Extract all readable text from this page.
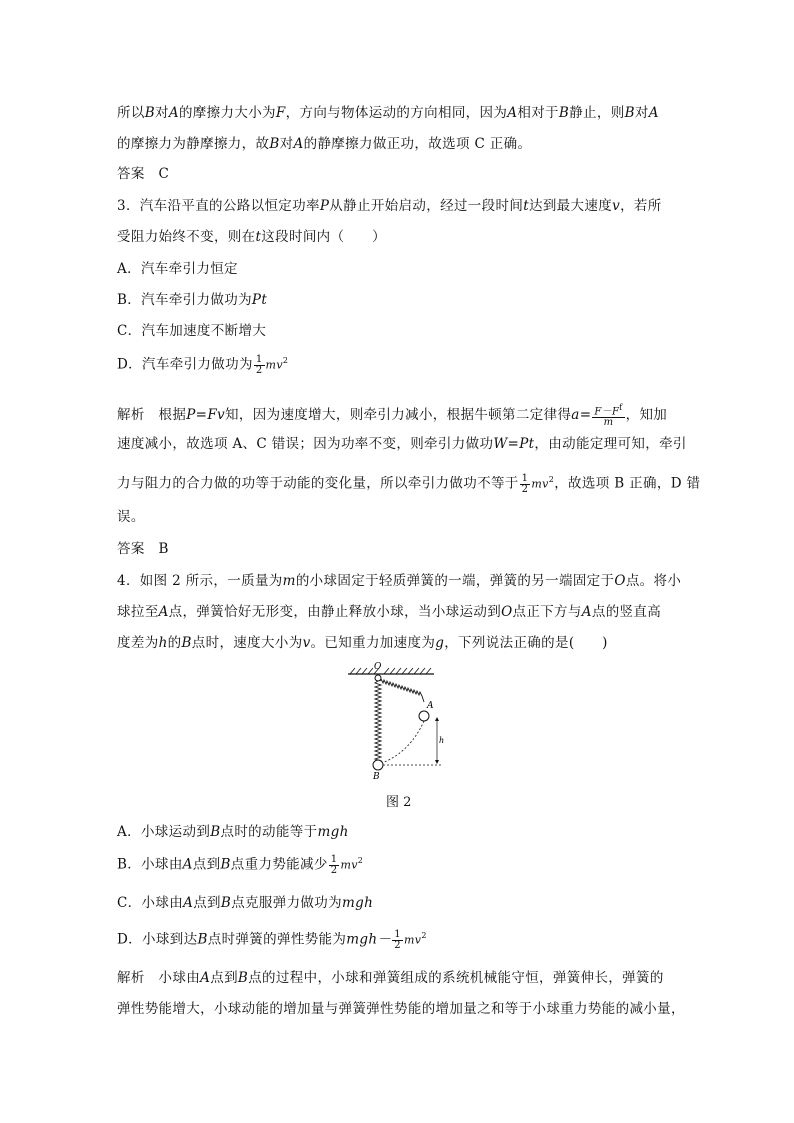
所以B对A的摩擦力大小为F，方向与物体运动的方向相同，因为A相对于B静止，则B对A
的摩擦力为静摩擦力，故B对A的静摩擦力做正功，故选项 C 正确。
答案　C
3．汽车沿平直的公路以恒定功率P从静止开始启动，经过一段时间t达到最大速度v，若所
受阻力始终不变，则在t这段时间内（　　）
A．汽车牵引力恒定
B．汽车牵引力做功为Pt
C．汽车加速度不断增大
D．汽车牵引力做功为 $\frac{1}{2} mv^2$
解析　根据P=Fv知，因为速度增大，则牵引力减小，根据牛顿第二定律得$a= \frac{F-F^f}{m}$ ，知加
速度减小，故选项 A、C 错误；因为功率不变，则牵引力做功W=Pt，由动能定理可知，牵引
力与阻力的合力做的功等于动能的变化量，所以牵引力做功不等于 $\frac{1}{2} mv^2$，故选项 B 正确，D 错
误。
答案　B
4．如图 2 所示，一质量为m的小球固定于轻质弹簧的一端，弹簧的另一端固定于O点。将小
球拉至A点，弹簧恰好无形变，由静止释放小球，当小球运动到O点正下方与A点的竖直高
度差为h的B点时，速度大小为v。已知重力加速度为g，下列说法正确的是(　　)
O
A
B
h
图 2
A．小球运动到B点时的动能等于mgh
B．小球由A点到B点重力势能减少 $\frac{1}{2} mv^2$
C．小球由A点到B点克服弹力做功为mgh
D．小球到达B点时弹簧的弹性势能为$mgh- \frac{1}{2} mv^2$
解析　小球由A点到B点的过程中，小球和弹簧组成的系统机械能守恒，弹簧伸长，弹簧的
弹性势能增大，小球动能的增加量与弹簧弹性势能的增加量之和等于小球重力势能的减小量，
